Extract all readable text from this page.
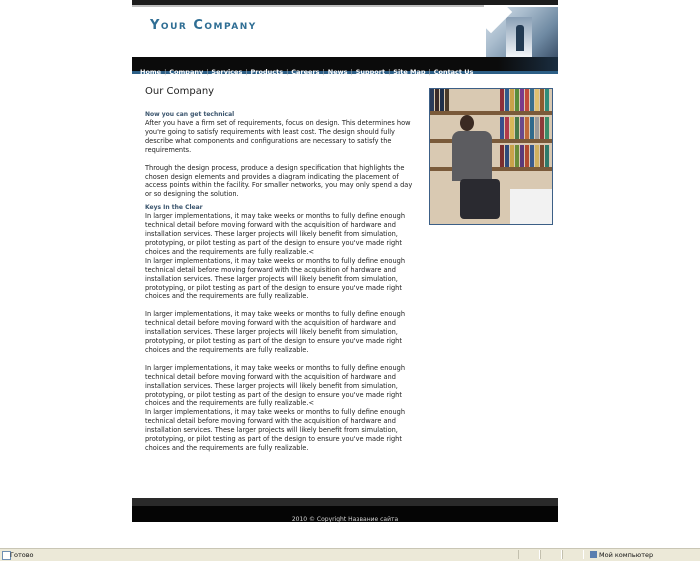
Your Company
Home | Company | Services | Products | Careers | News | Support | Site Map | Contact Us
Our Company

Now you can get technical

After you have a firm set of requirements, focus on design. This determines how you're going to satisfy requirements with least cost. The design should fully describe what components and configurations are necessary to satisfy the requirements.

Through the design process, produce a design specification that highlights the chosen design elements and provides a diagram indicating the placement of access points within the facility. For smaller networks, you may only spend a day or so designing the solution.

Keys In the Clear

In larger implementations, it may take weeks or months to fully define enough technical detail before moving forward with the acquisition of hardware and installation services. These larger projects will likely benefit from simulation, prototyping, or pilot testing as part of the design to ensure you've made right choices and the requirements are fully realizable.<

In larger implementations, it may take weeks or months to fully define enough technical detail before moving forward with the acquisition of hardware and installation services. These larger projects will likely benefit from simulation, prototyping, or pilot testing as part of the design to ensure you've made right choices and the requirements are fully realizable.

In larger implementations, it may take weeks or months to fully define enough technical detail before moving forward with the acquisition of hardware and installation services. These larger projects will likely benefit from simulation, prototyping, or pilot testing as part of the design to ensure you've made right choices and the requirements are fully realizable.

In larger implementations, it may take weeks or months to fully define enough technical detail before moving forward with the acquisition of hardware and installation services. These larger projects will likely benefit from simulation, prototyping, or pilot testing as part of the design to ensure you've made right choices and the requirements are fully realizable.<

In larger implementations, it may take weeks or months to fully define enough technical detail before moving forward with the acquisition of hardware and installation services. These larger projects will likely benefit from simulation, prototyping, or pilot testing as part of the design to ensure you've made right choices and the requirements are fully realizable.

2010 © Copyright Название сайта
Готово	Мой компьютер
